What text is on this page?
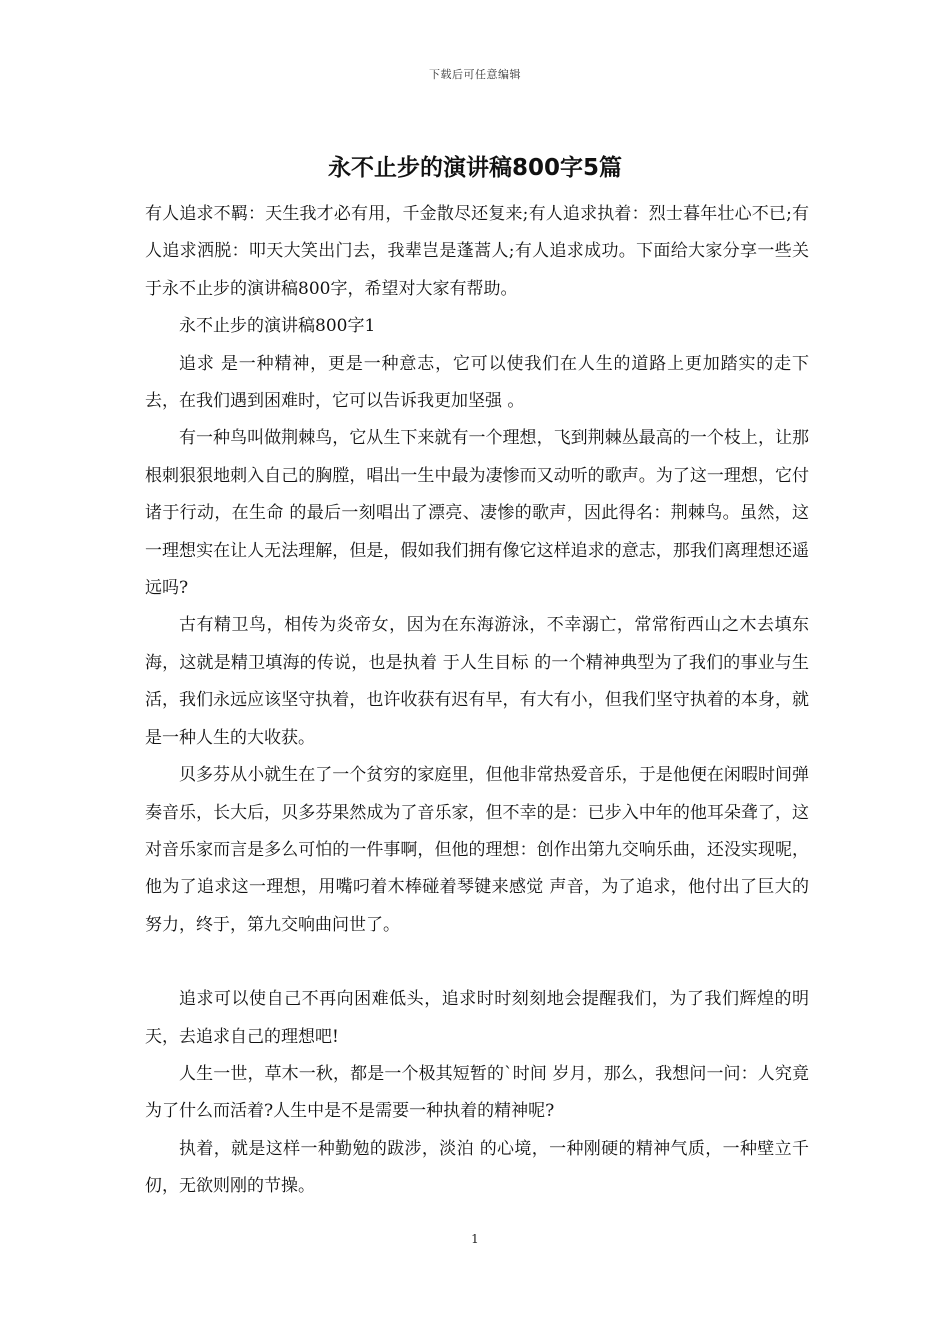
下载后可任意编辑
永不止步的演讲稿800字5篇

有人追求不羁：天生我才必有用，千金散尽还复来;有人追求执着：烈士暮年壮心不已;有人追求洒脱：叩天大笑出门去，我辈岂是蓬蒿人;有人追求成功。下面给大家分享一些关于永不止步的演讲稿800字，希望对大家有帮助。

永不止步的演讲稿800字1

追求 是一种精神，更是一种意志，它可以使我们在人生的道路上更加踏实的走下去，在我们遇到困难时，它可以告诉我更加坚强 。

有一种鸟叫做荆棘鸟，它从生下来就有一个理想，飞到荆棘丛最高的一个枝上，让那根刺狠狠地刺入自己的胸膛，唱出一生中最为凄惨而又动听的歌声。为了这一理想，它付诸于行动，在生命 的最后一刻唱出了漂亮、凄惨的歌声，因此得名：荆棘鸟。虽然，这一理想实在让人无法理解，但是，假如我们拥有像它这样追求的意志，那我们离理想还遥远吗?

古有精卫鸟，相传为炎帝女，因为在东海游泳，不幸溺亡，常常衔西山之木去填东海，这就是精卫填海的传说，也是执着 于人生目标 的一个精神典型为了我们的事业与生活，我们永远应该坚守执着，也许收获有迟有早，有大有小，但我们坚守执着的本身，就是一种人生的大收获。

贝多芬从小就生在了一个贫穷的家庭里，但他非常热爱音乐，于是他便在闲暇时间弹奏音乐，长大后，贝多芬果然成为了音乐家，但不幸的是：已步入中年的他耳朵聋了，这对音乐家而言是多么可怕的一件事啊，但他的理想：创作出第九交响乐曲，还没实现呢，他为了追求这一理想，用嘴叼着木棒碰着琴键来感觉 声音，为了追求，他付出了巨大的努力，终于，第九交响曲问世了。

追求可以使自己不再向困难低头，追求时时刻刻地会提醒我们，为了我们辉煌的明天，去追求自己的理想吧!

人生一世，草木一秋，都是一个极其短暂的`时间 岁月，那么，我想问一问：人究竟为了什么而活着?人生中是不是需要一种执着的精神呢?

执着，就是这样一种勤勉的跋涉，淡泊 的心境，一种刚硬的精神气质，一种壁立千仞，无欲则刚的节操。

1
